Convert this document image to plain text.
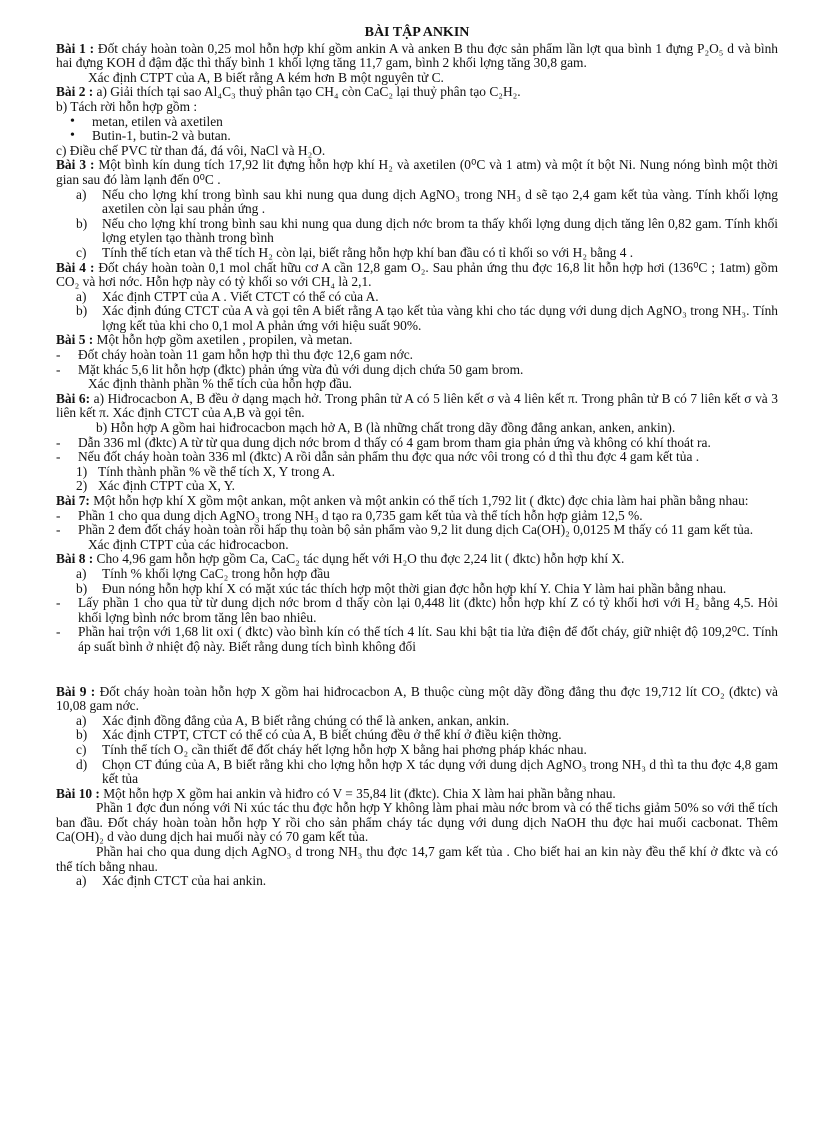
BÀI TẬP ANKIN

Bài 1 : Đốt cháy hoàn toàn 0,25 mol hỗn hợp khí gồm ankin A và anken B thu đợc sản phẩm lần lợt qua bình 1 đựng P₂O₅ d và bình hai đựng KOH d đậm đặc thì thấy bình 1 khối lợng tăng 11,7 gam, bình 2 khối lợng tăng 30,8 gam.

Xác định CTPT của A, B biết rằng A kém hơn B một nguyên tử C.

Bài 2 : a) Giải thích tại sao Al₄C₃ thuỷ phân tạo CH₄ còn CaC₂ lại thuỷ phân tạo C₂H₂.

b) Tách rời hỗn hợp gồm :

•	metan, etilen và axetilen
•	Butin-1, butin-2 và butan.

c) Điều chế PVC từ than đá, đá vôi, NaCl và H₂O.

Bài 3 : Một bình kín dung tích 17,92 lit đựng hỗn hợp khí H₂ và axetilen (0⁰C và 1 atm) và một ít bột Ni. Nung nóng bình một thời gian sau đó làm lạnh đến 0⁰C .

a)	Nếu cho lợng khí trong bình sau khi nung qua dung dịch AgNO₃ trong NH₃ d sẽ tạo 2,4 gam kết tủa vàng. Tính khối lợng axetilen còn lại sau phản ứng .
b)	Nếu cho lợng khí trong bình sau khi nung qua dung dịch nớc brom ta thấy khối lợng dung dịch tăng lên 0,82 gam. Tính khối lợng etylen tạo thành trong bình
c)	Tính thể tích etan và thể tích H₂ còn lại, biết rằng hỗn hợp khí ban đầu có tỉ khối so với H₂ bằng 4 .

Bài 4 : Đốt cháy hoàn toàn 0,1 mol chất hữu cơ A cần 12,8 gam O₂. Sau phản ứng thu đợc 16,8 lit hỗn hợp hơi (136⁰C ; 1atm) gồm CO₂ và hơi nớc. Hỗn hợp này có tỷ khối so với CH₄ là 2,1.

a)	Xác định CTPT của A . Viết CTCT có thể có của A.
b)	Xác định đúng CTCT của A và gọi tên A biết rằng A tạo kết tủa vàng khi cho tác dụng với dung dịch AgNO₃ trong NH₃. Tính lợng kết tủa khi cho 0,1 mol A phản ứng với hiệu suất 90%.

Bài 5 : Một hỗn hợp gồm axetilen , propilen, và metan.

-	Đốt cháy hoàn toàn 11 gam hỗn hợp thì thu đợc 12,6 gam nớc.
-	Mặt khác 5,6 lit hỗn hợp (đktc) phản ứng vừa đủ với dung dịch chứa 50 gam brom.

Xác định thành phần % thể tích của hỗn hợp đầu.

Bài 6: a) Hiđrocacbon A, B đều ở dạng mạch hở. Trong phân tử A có 5 liên kết σ và 4 liên kết π. Trong phân tử B có 7 liên kết σ và 3 liên kết π. Xác định CTCT của A,B và gọi tên.

b) Hỗn hợp A gồm hai hiđrocacbon mạch hở A, B (là những chất trong dãy đồng đẳng ankan, anken, ankin).

-	Dẫn 336 ml (đktc) A từ từ qua dung dịch nớc brom d thấy có 4 gam brom tham gia phản ứng và không có khí thoát ra.
-	Nếu đốt cháy hoàn toàn 336 ml (đktc) A rồi dẫn sản phẩm thu đợc qua nớc vôi trong có d thì thu đợc 4 gam kết tủa .
1) Tính thành phần % về thể tích X, Y trong A.
2) Xác định CTPT của X, Y.

Bài 7: Một hỗn hợp khí X gồm một ankan, một anken và một ankin có thể tích 1,792 lit ( đktc) đợc chia làm hai phần bằng nhau:

-	Phần 1 cho qua dung dịch AgNO₃ trong NH₃ d tạo ra 0,735 gam kết tủa và thể tích hỗn hợp giảm 12,5 %.
-	Phần 2 đem đốt cháy hoàn toàn rồi hấp thụ toàn bộ sản phẩm vào 9,2 lit dung dịch Ca(OH)₂ 0,0125 M thấy có 11 gam kết tủa.

Xác định CTPT của các hiđrocacbon.

Bài 8 : Cho 4,96 gam hỗn hợp gồm Ca, CaC₂ tác dụng hết với H₂O thu đợc 2,24 lit ( đktc) hỗn hợp khí X.

a)	Tính % khối lợng CaC₂ trong hỗn hợp đầu
b)	Đun nóng hỗn hợp khí X có mặt xúc tác thích hợp một thời gian đợc hỗn hợp khí Y. Chia Y làm hai phần bằng nhau.
-	Lấy phần 1 cho qua từ từ dung dịch nớc brom d thấy còn lại 0,448 lit (đktc) hỗn hợp khí Z có tỷ khối hơi với H₂ bằng 4,5. Hỏi khối lợng bình nớc brom tăng lên bao nhiêu.
-	Phần hai trộn với 1,68 lit oxi ( đktc) vào bình kín có thể tích 4 lít. Sau khi bật tia lửa điện để đốt cháy, giữ nhiệt độ 109,2⁰C. Tính áp suất bình ở nhiệt độ này. Biết rằng dung tích bình không đổi

Bài 9 : Đốt cháy hoàn toàn hỗn hợp X gồm hai hiđrocacbon A, B thuộc cùng một dãy đồng đẳng thu đợc 19,712 lít CO₂ (đktc) và 10,08 gam nớc.

a)	Xác định đồng đẳng của A, B biết rằng chúng có thể là anken, ankan, ankin.
b)	Xác định CTPT, CTCT có thể có của A, B biết chúng đều ở thể khí ở điều kiện thờng.
c)	Tính thể tích O₂ cần thiết để đốt cháy hết lợng hỗn hợp X bằng hai phơng pháp khác nhau.
d)	Chọn CT đúng của A, B biết rằng khi cho lợng hỗn hợp X tác dụng với dung dịch AgNO₃ trong NH₃ d thì ta thu đợc 4,8 gam kết tủa

Bài 10 : Một hỗn hợp X gồm hai ankin và hiđro có V = 35,84 lit (đktc). Chia X làm hai phần bằng nhau.

Phần 1 đợc đun nóng với Ni xúc tác thu đợc hỗn hợp Y không làm phai màu nớc brom và có thể tichs giảm 50% so với thể tích ban đầu. Đốt cháy hoàn toàn hỗn hợp Y rồi cho sản phẩm cháy tác dụng với dung dịch NaOH thu đợc hai muối cacbonat. Thêm Ca(OH)₂ d vào dung dịch hai muối này có 70 gam kết tủa.

Phần hai cho qua dung dịch AgNO₃ d trong NH₃ thu đợc 14,7 gam kết tủa . Cho biết hai an kin này đều thể khí ở đktc và có thể tích bằng nhau.

a)	Xác định CTCT của hai ankin.
